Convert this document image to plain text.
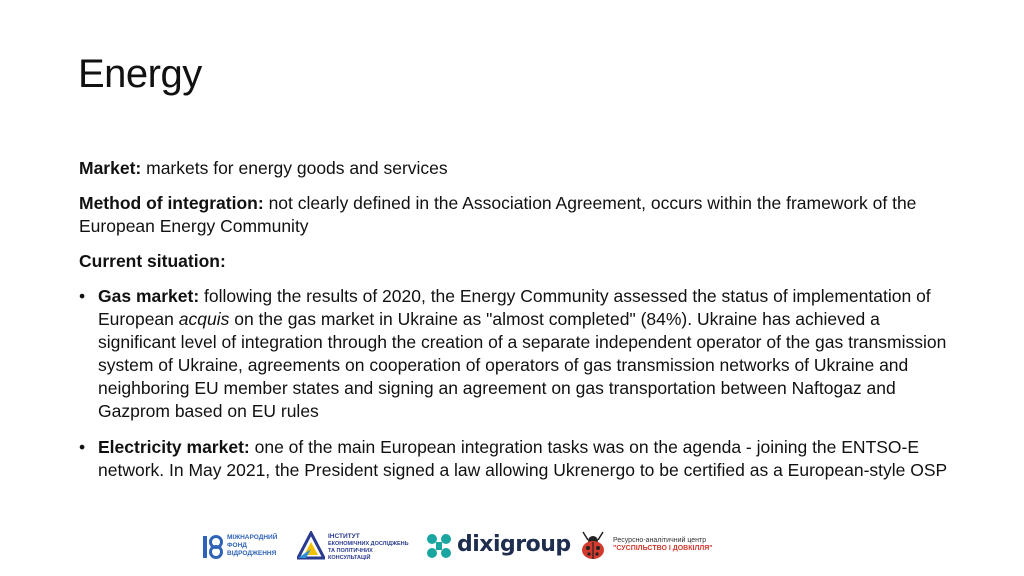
Energy

Market: markets for energy goods and services

Method of integration: not clearly defined in the Association Agreement, occurs within the framework of the European Energy Community

Current situation:

• Gas market: following the results of 2020, the Energy Community assessed the status of implementation of European acquis on the gas market in Ukraine as "almost completed" (84%). Ukraine has achieved a significant level of integration through the creation of a separate independent operator of the gas transmission system of Ukraine, agreements on cooperation of operators of gas transmission networks of Ukraine and neighboring EU member states and signing an agreement on gas transportation between Naftogaz and Gazprom based on EU rules
• Electricity market: one of the main European integration tasks was on the agenda - joining the ENTSO-E network. In May 2021, the President signed a law allowing Ukrenergo to be certified as a European-style OSP
МІЖНАРОДНИЙ
ФОНД
ВІДРОДЖЕННЯ
ІНСТИТУТ
ЕКОНОМІЧНИХ ДОСЛІДЖЕНЬ
ТА ПОЛІТИЧНИХ КОНСУЛЬТАЦІЙ
dixigroup	Ресурсно-аналітичний центр
"СУСПІЛЬСТВО І ДОВКІЛЛЯ"
